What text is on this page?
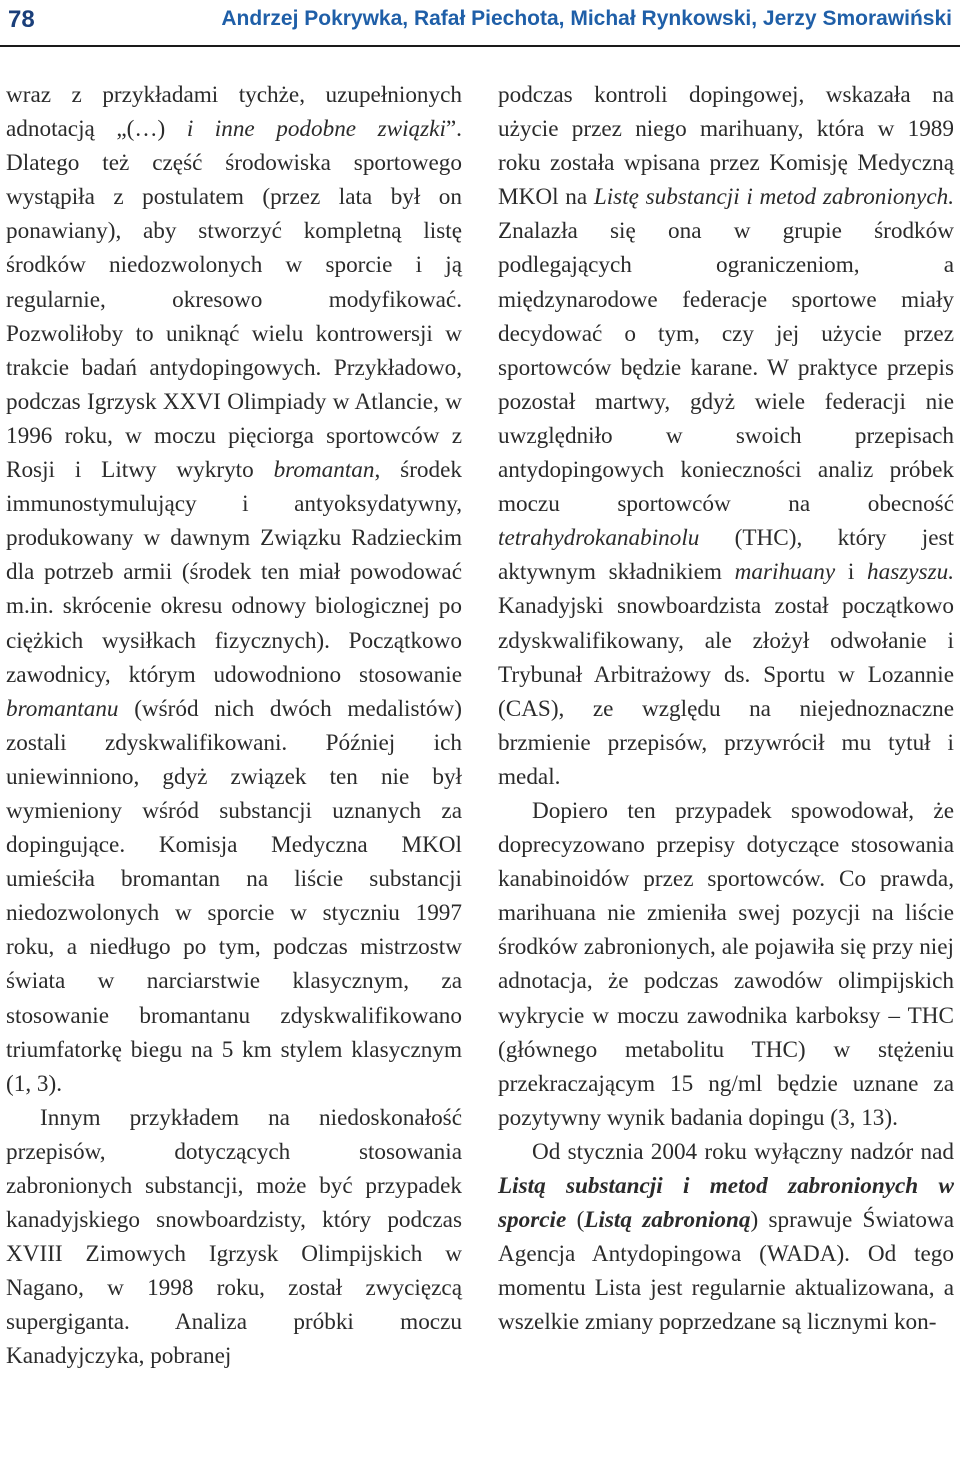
78	Andrzej Pokrywka, Rafał Piechota, Michał Rynkowski, Jerzy Smorawiński

wraz z przykładami tychże, uzupełnionych adnotacją „(…) i inne podobne związki”. Dlatego też część środowiska sportowego wystąpiła z postulatem (przez lata był on ponawiany), aby stworzyć kompletną listę środków niedozwolonych w sporcie i ją regularnie, okresowo modyfikować. Pozwoliłoby to uniknąć wielu kontrowersji w trakcie badań antydopingowych. Przykładowo, podczas Igrzysk XXVI Olimpiady w Atlancie, w 1996 roku, w moczu pięciorga sportowców z Rosji i Litwy wykryto bromantan, środek immunostymulujący i antyoksydatywny, produkowany w dawnym Związku Radzieckim dla potrzeb armii (środek ten miał powodować m.in. skrócenie okresu odnowy biologicznej po ciężkich wysiłkach fizycznych). Początkowo zawodnicy, którym udowodniono stosowanie bromantanu (wśród nich dwóch medalistów) zostali zdyskwalifikowani. Później ich uniewinniono, gdyż związek ten nie był wymieniony wśród substancji uznanych za dopingujące. Komisja Medyczna MKOl umieściła bromantan na liście substancji niedozwolonych w sporcie w styczniu 1997 roku, a niedługo po tym, podczas mistrzostw świata w narciarstwie klasycznym, za stosowanie bromantanu zdyskwalifikowano triumfatorkę biegu na 5 km stylem klasycznym (1, 3).

Innym przykładem na niedoskonałość przepisów, dotyczących stosowania zabronionych substancji, może być przypadek kanadyjskiego snowboardzisty, który podczas XVIII Zimowych Igrzysk Olimpijskich w Nagano, w 1998 roku, został zwycięzcą supergiganta. Analiza próbki moczu Kanadyjczyka, pobranej

podczas kontroli dopingowej, wskazała na użycie przez niego marihuany, która w 1989 roku została wpisana przez Komisję Medyczną MKOl na Listę substancji i metod zabronionych. Znalazła się ona w grupie środków podlegających ograniczeniom, a międzynarodowe federacje sportowe miały decydować o tym, czy jej użycie przez sportowców będzie karane. W praktyce przepis pozostał martwy, gdyż wiele federacji nie uwzględniło w swoich przepisach antydopingowych konieczności analiz próbek moczu sportowców na obecność tetrahydrokanabinolu (THC), który jest aktywnym składnikiem marihuany i haszyszu. Kanadyjski snowboardzista został początkowo zdyskwalifikowany, ale złożył odwołanie i Trybunał Arbitrażowy ds. Sportu w Lozannie (CAS), ze względu na niejednoznaczne brzmienie przepisów, przywrócił mu tytuł i medal.

Dopiero ten przypadek spowodował, że doprecyzowano przepisy dotyczące stosowania kanabinoidów przez sportowców. Co prawda, marihuana nie zmieniła swej pozycji na liście środków zabronionych, ale pojawiła się przy niej adnotacja, że podczas zawodów olimpijskich wykrycie w moczu zawodnika karboksy – THC (głównego metabolitu THC) w stężeniu przekraczającym 15 ng/ml będzie uznane za pozytywny wynik badania dopingu (3, 13).

Od stycznia 2004 roku wyłączny nadzór nad Listą substancji i metod zabronionych w sporcie (Listą zabronioną) sprawuje Światowa Agencja Antydopingowa (WADA). Od tego momentu Lista jest regularnie aktualizowana, a wszelkie zmiany poprzedzane są licznymi kon-
